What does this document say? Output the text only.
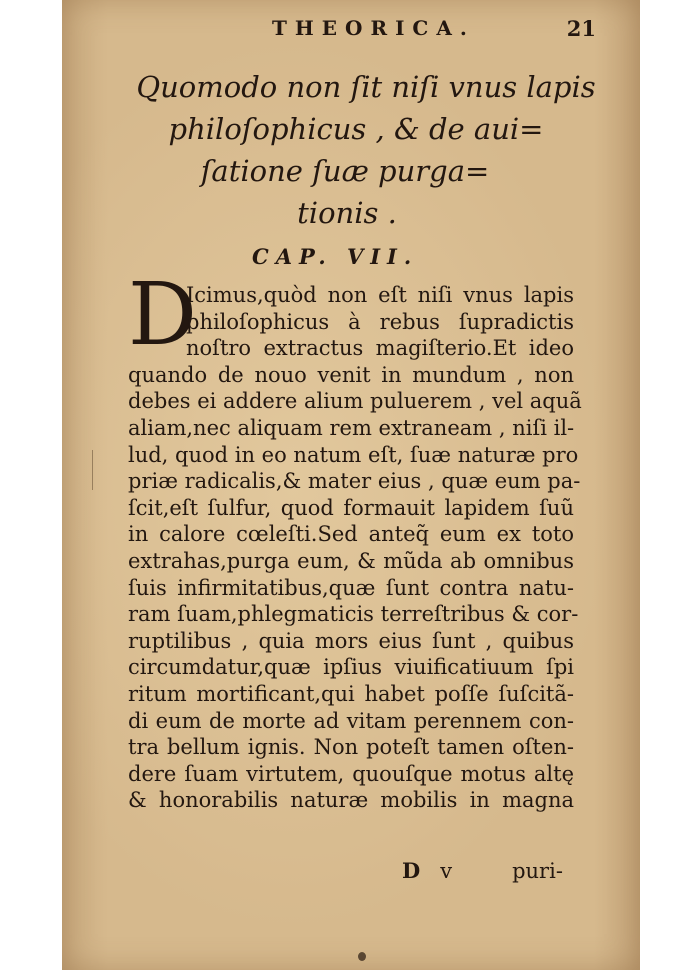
THEORICA.	21
Quomodo non ſit niſi vnus lapis
philoſophicus , & de aui=
ſatione ſuæ purga=
tionis .
CAP. VII.
D
Icimus,quòd non eſt niſi vnus lapis
philoſophicus à rebus ſupradictis
noſtro extractus magiſterio.Et ideo
quando de nouo venit in mundum , non
debes ei addere alium puluerem , vel aquã
aliam,nec aliquam rem extraneam , niſi il-
lud, quod in eo natum eſt, ſuæ naturæ pro
priæ radicalis,& mater eius , quæ eum pa-
ſcit,eſt ſulfur, quod formauit lapidem ſuũ
in calore cœleſti.Sed anteq̃ eum ex toto
extrahas,purga eum, & mũda ab omnibus
ſuis infirmitatibus,quæ ſunt contra natu-
ram ſuam,phlegmaticis terreſtribus & cor-
ruptilibus , quia mors eius ſunt , quibus
circumdatur,quæ ipſius viuificatiuum ſpi
ritum mortificant,qui habet poſſe ſuſcitã-
di eum de morte ad vitam perennem con-
tra bellum ignis. Non poteſt tamen oſten-
dere ſuam virtutem, quouſque motus altę
& honorabilis naturæ mobilis in magna
D v	puri-
